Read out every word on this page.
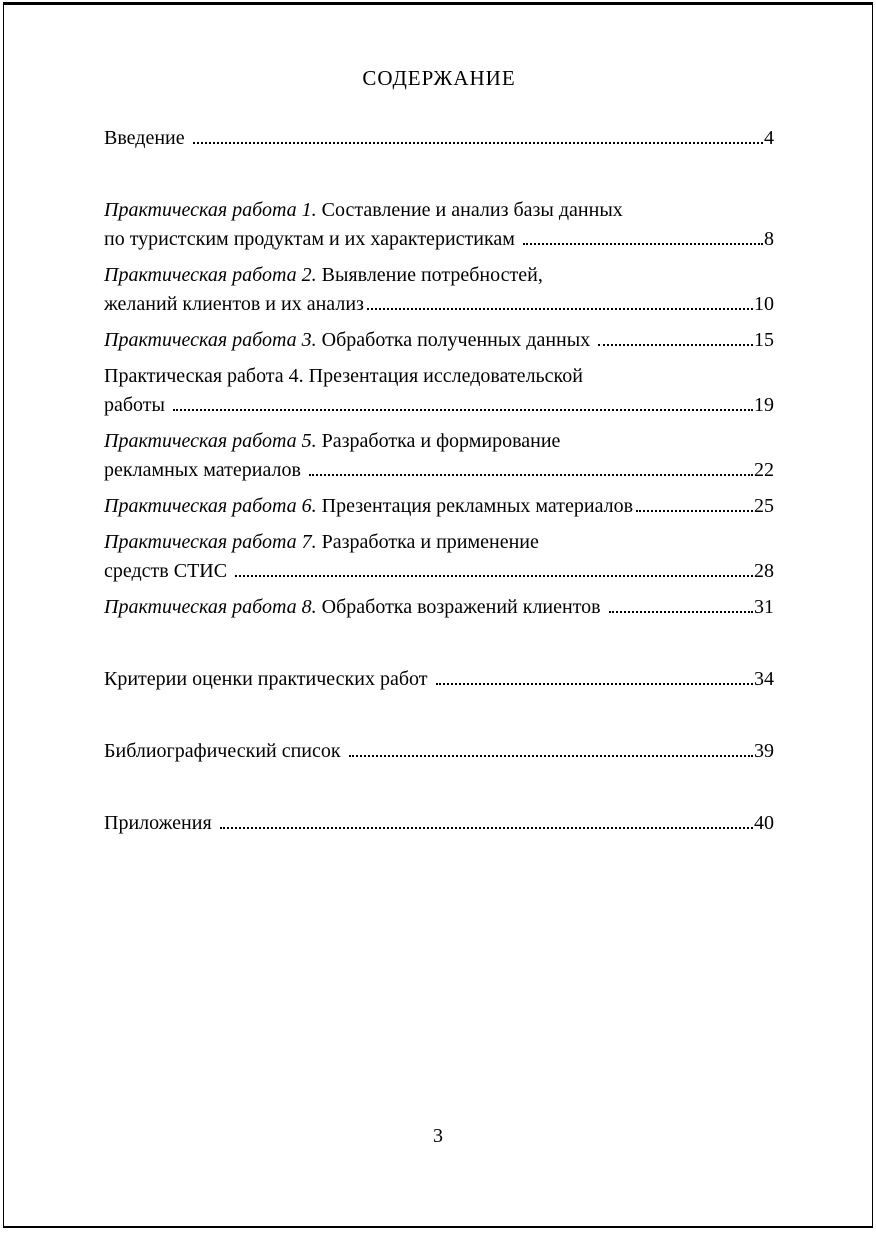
СОДЕРЖАНИЕ
Введение	4
Практическая работа 1. Составление и анализ базы данных
по туристским продуктам и их характеристикам	8
Практическая работа 2. Выявление потребностей,
желаний клиентов и их анализ	10
Практическая работа 3. Обработка полученных данных	15
Практическая работа 4. Презентация исследовательской
работы	19
Практическая работа 5. Разработка и формирование
рекламных материалов	22
Практическая работа 6. Презентация рекламных материалов	25
Практическая работа 7. Разработка и применение
средств СТИС	28
Практическая работа 8. Обработка возражений клиентов	31
Критерии оценки практических работ	34
Библиографический список	39
Приложения	40
3
